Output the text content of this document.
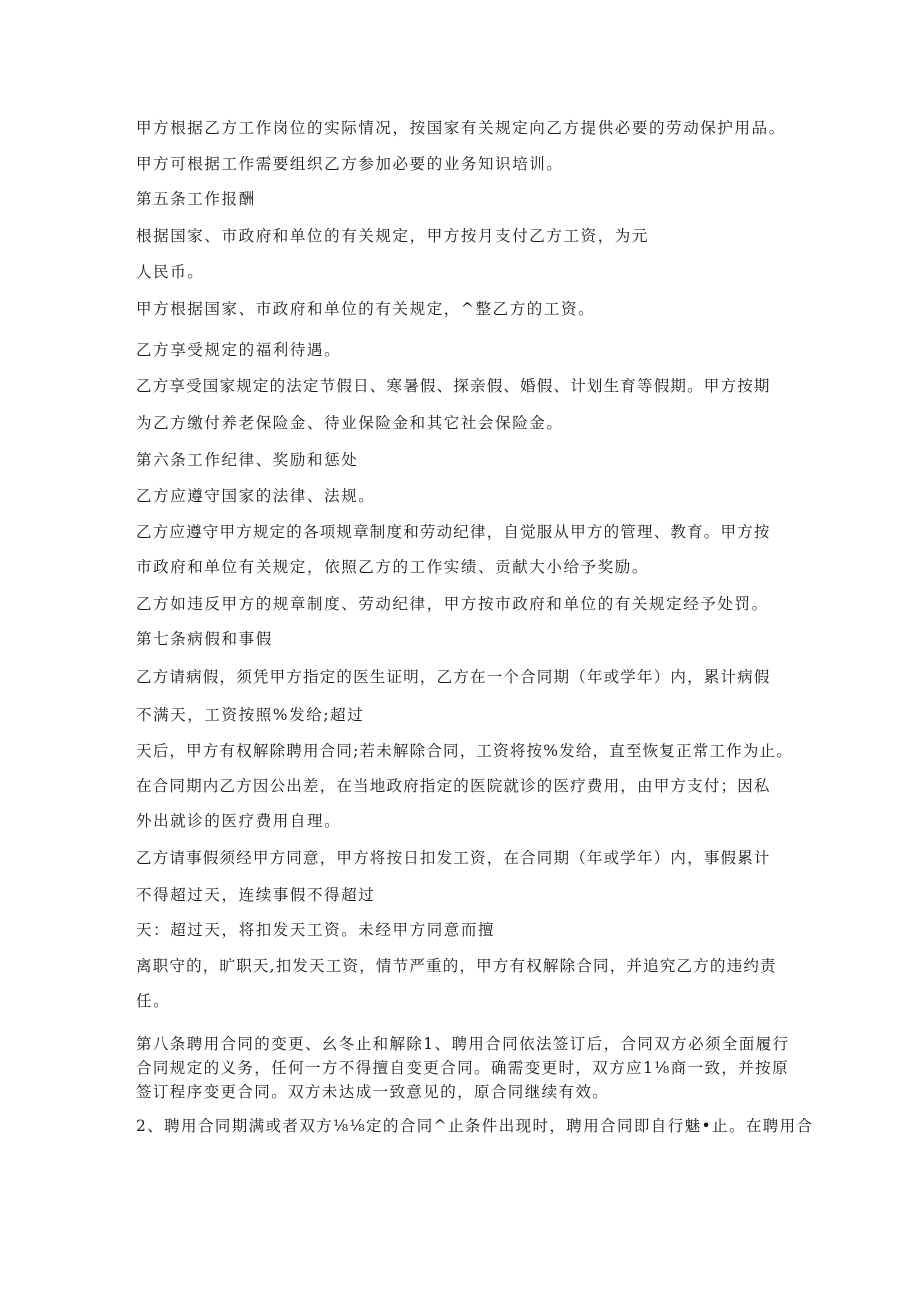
甲方根据乙方工作岗位的实际情况，按国家有关规定向乙方提供必要的劳动保护用品。
甲方可根据工作需要组织乙方参加必要的业务知识培训。
第五条工作报酬
根据国家、市政府和单位的有关规定，甲方按月支付乙方工资，为元
人民币。
甲方根据国家、市政府和单位的有关规定，^整乙方的工资。
乙方享受规定的福利待遇。
乙方享受国家规定的法定节假日、寒暑假、探亲假、婚假、计划生育等假期。甲方按期
为乙方缴付养老保险金、待业保险金和其它社会保险金。
第六条工作纪律、奖励和惩处
乙方应遵守国家的法律、法规。
乙方应遵守甲方规定的各项规章制度和劳动纪律，自觉服从甲方的管理、教育。甲方按
市政府和单位有关规定，依照乙方的工作实绩、贡献大小给予奖励。
乙方如违反甲方的规章制度、劳动纪律，甲方按市政府和单位的有关规定经予处罚。
第七条病假和事假
乙方请病假，须凭甲方指定的医生证明，乙方在一个合同期（年或学年）内，累计病假
不满天，工资按照%发给;超过
天后，甲方有权解除聘用合同;若未解除合同，工资将按%发给，直至恢复正常工作为止。
在合同期内乙方因公出差，在当地政府指定的医院就诊的医疗费用，由甲方支付；因私
外出就诊的医疗费用自理。
乙方请事假须经甲方同意，甲方将按日扣发工资，在合同期（年或学年）内，事假累计
不得超过天，连续事假不得超过
天：超过天，将扣发天工资。未经甲方同意而擅
离职守的，旷职天,扣发天工资，情节严重的，甲方有权解除合同，并追究乙方的违约责
任。
第八条聘用合同的变更、幺冬止和解除1、聘用合同依法签订后，合同双方必须全面履行
合同规定的义务，任何一方不得擅自变更合同。确需变更时，双方应1⅛商一致，并按原
签订程序变更合同。双方未达成一致意见的，原合同继续有效。
2、聘用合同期满或者双方⅛⅛定的合同^止条件出现时，聘用合同即自行魅•止。在聘用合
